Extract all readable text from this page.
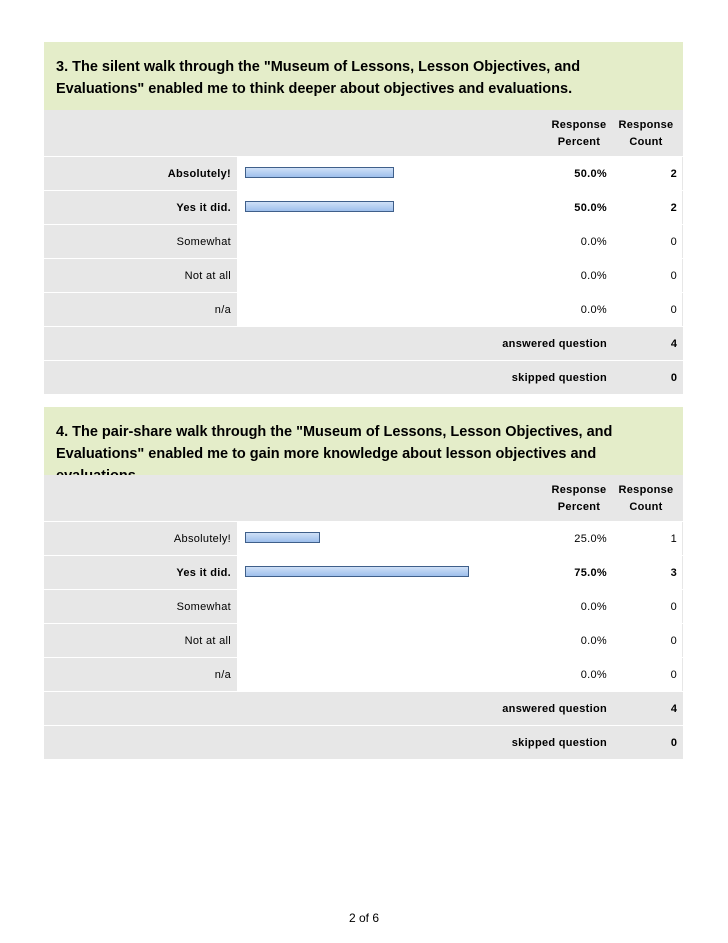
3. The silent walk through the "Museum of Lessons, Lesson Objectives, and Evaluations" enabled me to think deeper about objectives and evaluations.
Response
Percent
Response
Count
Absolutely!	50.0%	2
Yes it did.	50.0%	2
Somewhat	0.0%	0
Not at all	0.0%	0
n/a	0.0%	0
answered question	4
skipped question	0
4. The pair-share walk through the "Museum of Lessons, Lesson Objectives, and Evaluations" enabled me to gain more knowledge about lesson objectives and
Response
Percent
Response
Count
Absolutely!	25.0%	1
Yes it did.	75.0%	3
Somewhat	0.0%	0
Not at all	0.0%	0
n/a	0.0%	0
answered question	4
skipped question	0
2 of 6
